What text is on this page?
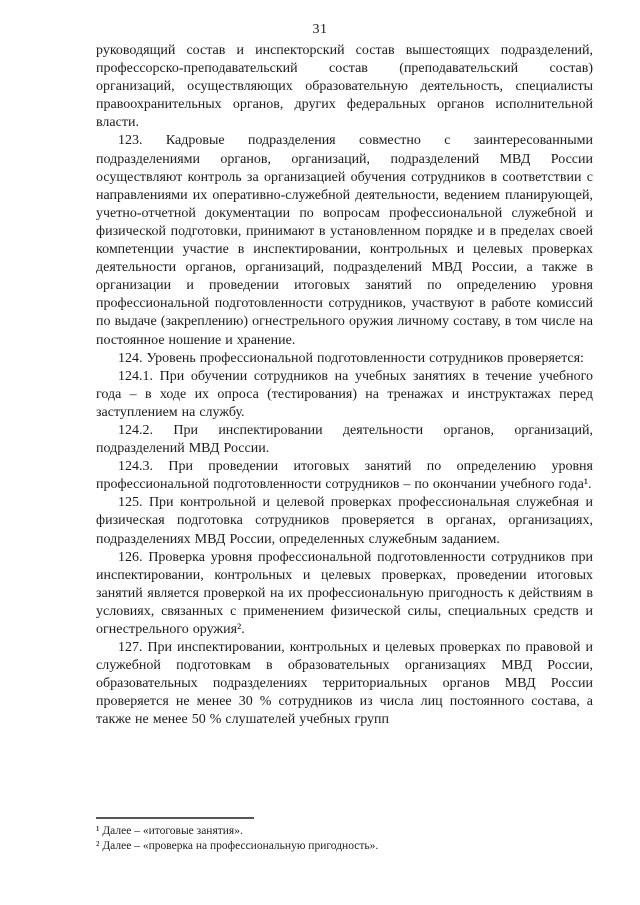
31

руководящий состав и инспекторский состав вышестоящих подразделений, профессорско-преподавательский состав (преподавательский состав) организаций, осуществляющих образовательную деятельность, специалисты правоохранительных органов, других федеральных органов исполнительной власти.

123. Кадровые подразделения совместно с заинтересованными подразделениями органов, организаций, подразделений МВД России осуществляют контроль за организацией обучения сотрудников в соответствии с направлениями их оперативно-служебной деятельности, ведением планирующей, учетно-отчетной документации по вопросам профессиональной служебной и физической подготовки, принимают в установленном порядке и в пределах своей компетенции участие в инспектировании, контрольных и целевых проверках деятельности органов, организаций, подразделений МВД России, а также в организации и проведении итоговых занятий по определению уровня профессиональной подготовленности сотрудников, участвуют в работе комиссий по выдаче (закреплению) огнестрельного оружия личному составу, в том числе на постоянное ношение и хранение.

124. Уровень профессиональной подготовленности сотрудников проверяется:

124.1. При обучении сотрудников на учебных занятиях в течение учебного года – в ходе их опроса (тестирования) на тренажах и инструктажах перед заступлением на службу.

124.2. При инспектировании деятельности органов, организаций, подразделений МВД России.

124.3. При проведении итоговых занятий по определению уровня профессиональной подготовленности сотрудников – по окончании учебного года¹.

125. При контрольной и целевой проверках профессиональная служебная и физическая подготовка сотрудников проверяется в органах, организациях, подразделениях МВД России, определенных служебным заданием.

126. Проверка уровня профессиональной подготовленности сотрудников при инспектировании, контрольных и целевых проверках, проведении итоговых занятий является проверкой на их профессиональную пригодность к действиям в условиях, связанных с применением физической силы, специальных средств и огнестрельного оружия².

127. При инспектировании, контрольных и целевых проверках по правовой и служебной подготовкам в образовательных организациях МВД России, образовательных подразделениях территориальных органов МВД России проверяется не менее 30 % сотрудников из числа лиц постоянного состава, а также не менее 50 % слушателей учебных групп

¹ Далее – «итоговые занятия».

² Далее – «проверка на профессиональную пригодность».
